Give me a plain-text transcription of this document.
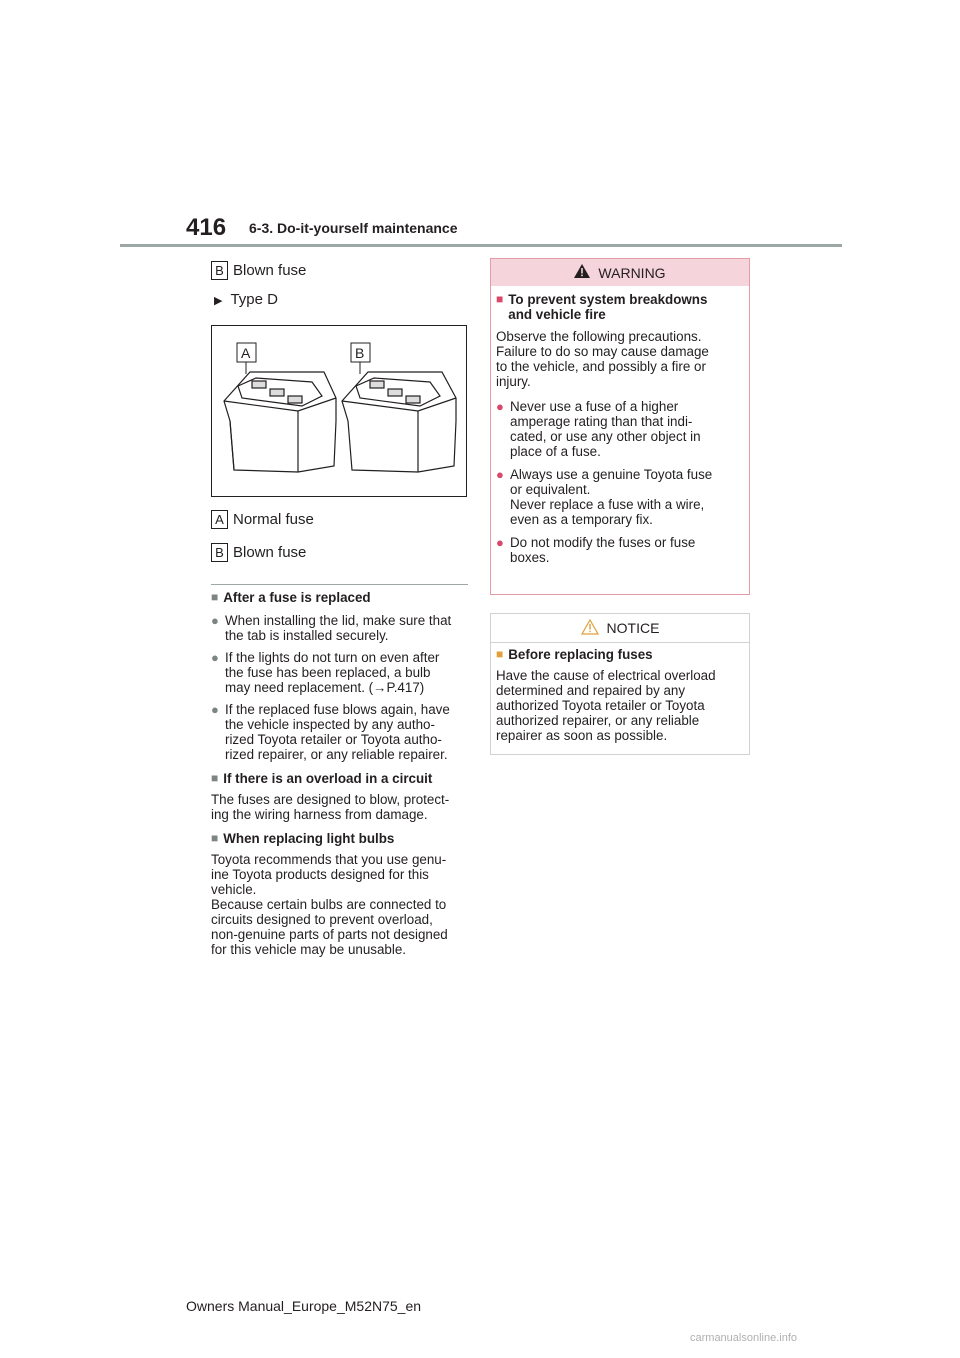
416 6-3. Do-it-yourself maintenance
B Blown fuse
▶ Type D
A	B
A Normal fuse
B Blown fuse
■ After a fuse is replaced
● When installing the lid, make sure that
the tab is installed securely.
● If the lights do not turn on even after
the fuse has been replaced, a bulb
may need replacement. (→P.417)
● If the replaced fuse blows again, have
the vehicle inspected by any autho-
rized Toyota retailer or Toyota autho-
rized repairer, or any reliable repairer.
■ If there is an overload in a circuit
The fuses are designed to blow, protect-
ing the wiring harness from damage.
■ When replacing light bulbs
Toyota recommends that you use genu-
ine Toyota products designed for this
vehicle.
Because certain bulbs are connected to
circuits designed to prevent overload,
non-genuine parts of parts not designed
for this vehicle may be unusable.
WARNING
■ To prevent system breakdowns
and vehicle fire
Observe the following precautions.
Failure to do so may cause damage
to the vehicle, and possibly a fire or
injury.
● Never use a fuse of a higher
amperage rating than that indi-
cated, or use any other object in
place of a fuse.
● Always use a genuine Toyota fuse
or equivalent.
Never replace a fuse with a wire,
even as a temporary fix.
● Do not modify the fuses or fuse
boxes.
NOTICE
■ Before replacing fuses
Have the cause of electrical overload
determined and repaired by any
authorized Toyota retailer or Toyota
authorized repairer, or any reliable
repairer as soon as possible.
Owners Manual_Europe_M52N75_en
carmanualsonline.info
